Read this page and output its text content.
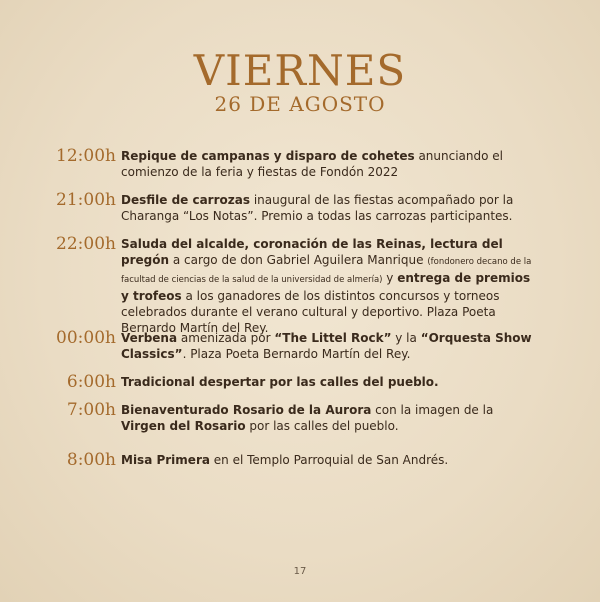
VIERNES
26 DE AGOSTO
12:00h Repique de campanas y disparo de cohetes anunciando el comienzo de la feria y fiestas de Fondón 2022
21:00h Desfile de carrozas inaugural de las fiestas acompañado por la Charanga “Los Notas”. Premio a todas las carrozas participantes.
22:00h Saluda del alcalde, coronación de las Reinas, lectura del pregón a cargo de don Gabriel Aguilera Manrique (fondonero decano de la facultad de ciencias de la salud de la universidad de almería) y entrega de premios y trofeos a los ganadores de los distintos concursos y torneos celebrados durante el verano cultural y deportivo. Plaza Poeta Bernardo Martín del Rey.
00:00h Verbena amenizada por “The Littel Rock” y la “Orquesta Show Classics”. Plaza Poeta Bernardo Martín del Rey.
6:00h Tradicional despertar por las calles del pueblo.
7:00h Bienaventurado Rosario de la Aurora con la imagen de la Virgen del Rosario por las calles del pueblo.
8:00h Misa Primera en el Templo Parroquial de San Andrés.
17
